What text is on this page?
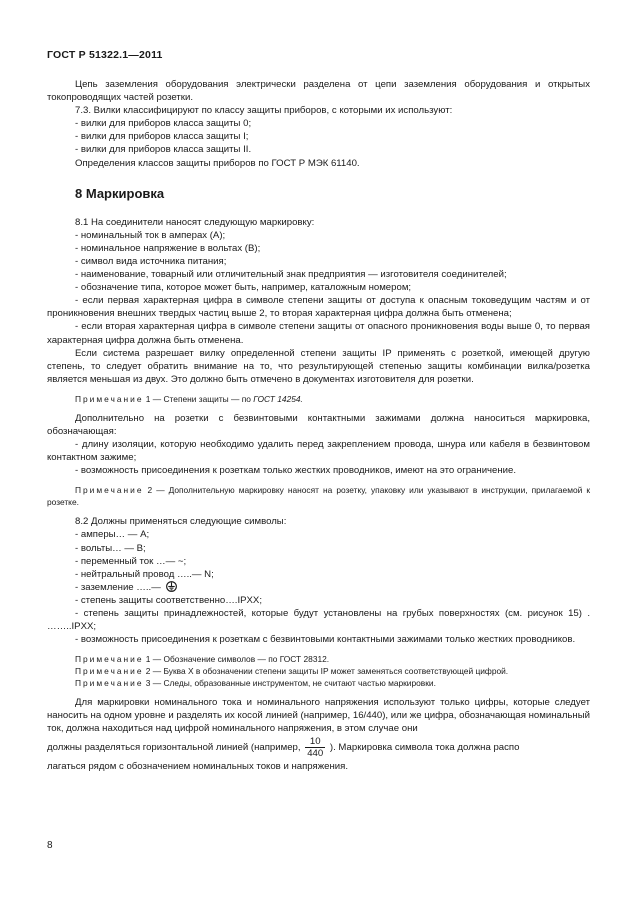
ГОСТ Р 51322.1—2011

Цепь заземления оборудования электрически разделена от цепи заземления оборудования и открытых токопроводящих частей розетки.

7.3. Вилки классифицируют по классу защиты приборов, с которыми их используют:

- вилки для приборов класса защиты 0;

- вилки для приборов класса защиты I;

- вилки для приборов класса защиты II.

Определения классов защиты приборов по ГОСТ Р МЭК 61140.

8 Маркировка

8.1 На соединители наносят следующую маркировку:

- номинальный ток в амперах (А);

- номинальное напряжение в вольтах (В);

- символ вида источника питания;

- наименование, товарный или отличительный знак предприятия — изготовителя соединителей;

- обозначение типа, которое может быть, например, каталожным номером;

- если первая характерная цифра в символе степени защиты от доступа к опасным токоведущим частям и от проникновения внешних твердых частиц выше 2, то вторая характерная цифра должна быть отменена;

- если вторая характерная цифра в символе степени защиты от опасного проникновения воды выше 0, то первая характерная цифра должна быть отменена.

Если система разрешает вилку определенной степени защиты IP применять с розеткой, имеющей другую степень, то следует обратить внимание на то, что результирующей степенью защиты комбинации вилка/розетка является меньшая из двух. Это должно быть отмечено в документах изготовителя для розетки.

Примечание 1 — Степени защиты — по ГОСТ 14254.

Дополнительно на розетки с безвинтовыми контактными зажимами должна наноситься маркировка, обозначающая:

- длину изоляции, которую необходимо удалить перед закреплением провода, шнура или кабеля в безвинтовом контактном зажиме;

- возможность присоединения к розеткам только жестких проводников, имеют на это ограничение.

Примечание 2 — Дополнительную маркировку наносят на розетку, упаковку или указывают в инструкции, прилагаемой к розетке.

8.2 Должны применяться следующие символы:

- амперы… — А;

- вольты… — В;

- переменный ток …— ~;

- нейтральный провод …..— N;

- заземление …..—

- степень защиты соответственно….IPXX;

- степень защиты принадлежностей, которые будут установлены на грубых поверхностях (см. рисунок 15) . ……..IPXX;

- возможность присоединения к розеткам с безвинтовыми контактными зажимами только жестких проводников.

Примечание 1 — Обозначение символов — по ГОСТ 28312.

Примечание 2 — Буква Х в обозначении степени защиты IP может заменяться соответствующей цифрой.

Примечание 3 — Следы, образованные инструментом, не считают частью маркировки.

Для маркировки номинального тока и номинального напряжения используют только цифры, которые следует наносить на одном уровне и разделять их косой линией (например, 16/440), или же цифра, обозначающая номинальный ток, должна находиться над цифрой номинального напряжения, в этом случае они

должны разделяться горизонтальной линией (например, $\frac{10}{440}$ ). Маркировка символа тока должна распо

лагаться рядом с обозначением номинальных токов и напряжения.

8
